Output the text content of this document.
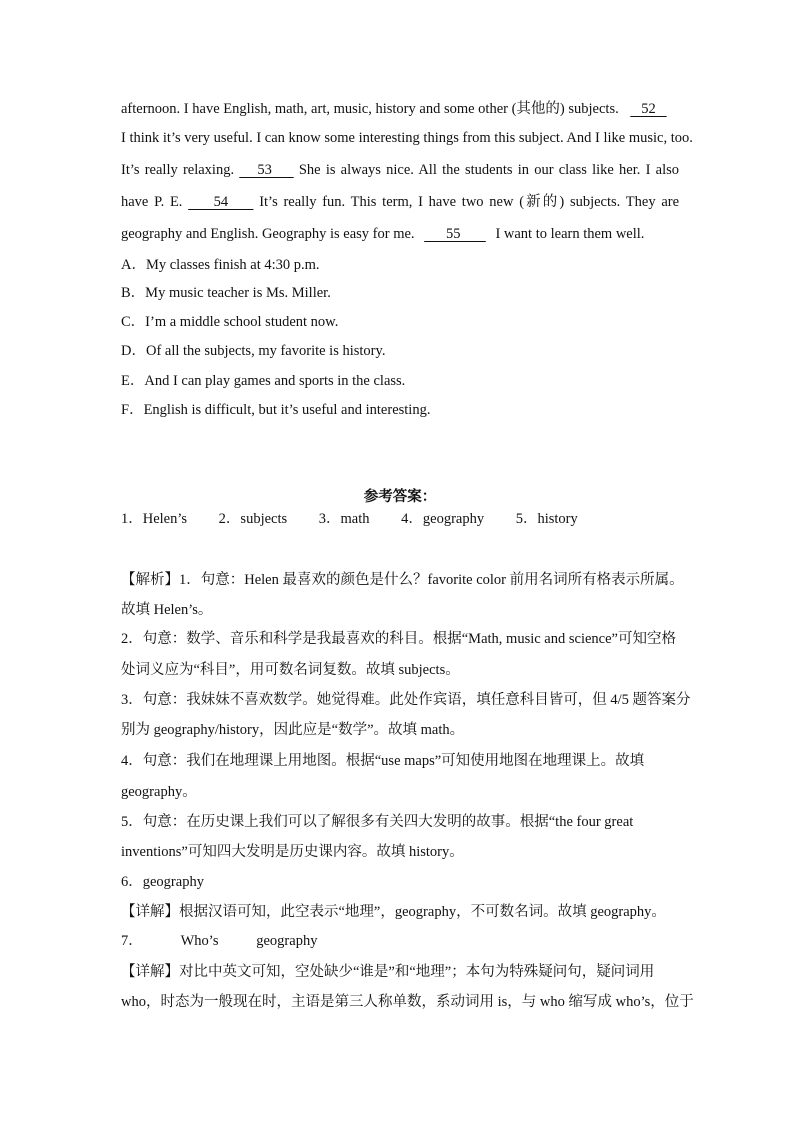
afternoon. I have English, math, art, music, history and some other (其他的) subjects.    52
I think it’s very useful. I can know some interesting things from this subject. And I like music, too.
It’s really relaxing.      53       She is always nice. All the students in our class like her. I also
have P. E.        54        It’s really fun. This term, I have two new (新的) subjects. They are
geography and English. Geography is easy for me.       55        I want to learn them well.
A．My classes finish at 4:30 p.m.
B．My music teacher is Ms. Miller.
C．I’m a middle school student now.
D．Of all the subjects, my favorite is history.
E．And I can play games and sports in the class.
F．English is difficult, but it’s useful and interesting.
参考答案：
1．Helen’s 2．subjects 3．math 4．geography 5．history
【解析】1．句意：Helen 最喜欢的颜色是什么？favorite color 前用名词所有格表示所属。
故填 Helen’s。
2．句意：数学、音乐和科学是我最喜欢的科目。根据“Math, music and science”可知空格
处词义应为“科目”，用可数名词复数。故填 subjects。
3．句意：我妹妹不喜欢数学。她觉得难。此处作宾语，填任意科目皆可，但 4/5 题答案分
别为 geography/history，因此应是“数学”。故填 math。
4．句意：我们在地理课上用地图。根据“use maps”可知使用地图在地理课上。故填
geography。
5．句意：在历史课上我们可以了解很多有关四大发明的故事。根据“the four great
inventions”可知四大发明是历史课内容。故填 history。
6．geography
【详解】根据汉语可知，此空表示“地理”，geography，不可数名词。故填 geography。
7．	Who’s	geography
【详解】对比中英文可知，空处缺少“谁是”和“地理”；本句为特殊疑问句，疑问词用
who，时态为一般现在时，主语是第三人称单数，系动词用 is，与 who 缩写成 who’s，位于
